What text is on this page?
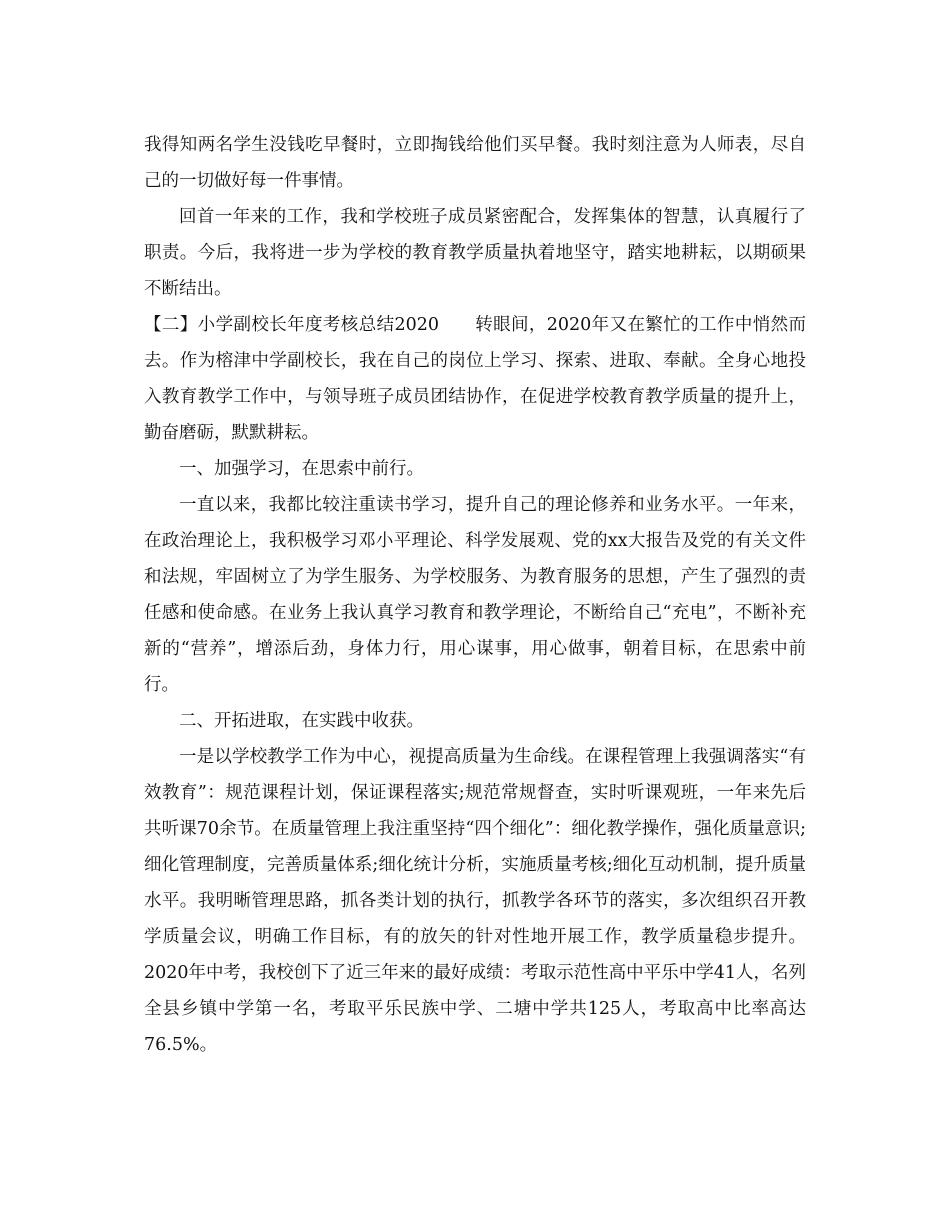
我得知两名学生没钱吃早餐时，立即掏钱给他们买早餐。我时刻注意为人师表，尽自己的一切做好每一件事情。

回首一年来的工作，我和学校班子成员紧密配合，发挥集体的智慧，认真履行了职责。今后，我将进一步为学校的教育教学质量执着地坚守，踏实地耕耘，以期硕果不断结出。

【二】小学副校长年度考核总结2020　　转眼间，2020年又在繁忙的工作中悄然而去。作为榕津中学副校长，我在自己的岗位上学习、探索、进取、奉献。全身心地投入教育教学工作中，与领导班子成员团结协作，在促进学校教育教学质量的提升上，勤奋磨砺，默默耕耘。

一、加强学习，在思索中前行。

一直以来，我都比较注重读书学习，提升自己的理论修养和业务水平。一年来，在政治理论上，我积极学习邓小平理论、科学发展观、党的xx大报告及党的有关文件和法规，牢固树立了为学生服务、为学校服务、为教育服务的思想，产生了强烈的责任感和使命感。在业务上我认真学习教育和教学理论，不断给自己“充电”，不断补充新的“营养”，增添后劲，身体力行，用心谋事，用心做事，朝着目标，在思索中前行。

二、开拓进取，在实践中收获。

一是以学校教学工作为中心，视提高质量为生命线。在课程管理上我强调落实“有效教育”：规范课程计划，保证课程落实;规范常规督查，实时听课观班，一年来先后共听课70余节。在质量管理上我注重坚持“四个细化”：细化教学操作，强化质量意识;细化管理制度，完善质量体系;细化统计分析，实施质量考核;细化互动机制，提升质量水平。我明晰管理思路，抓各类计划的执行，抓教学各环节的落实，多次组织召开教学质量会议，明确工作目标，有的放矢的针对性地开展工作，教学质量稳步提升。2020年中考，我校创下了近三年来的最好成绩：考取示范性高中平乐中学41人，名列全县乡镇中学第一名，考取平乐民族中学、二塘中学共125人，考取高中比率高达76.5%。
